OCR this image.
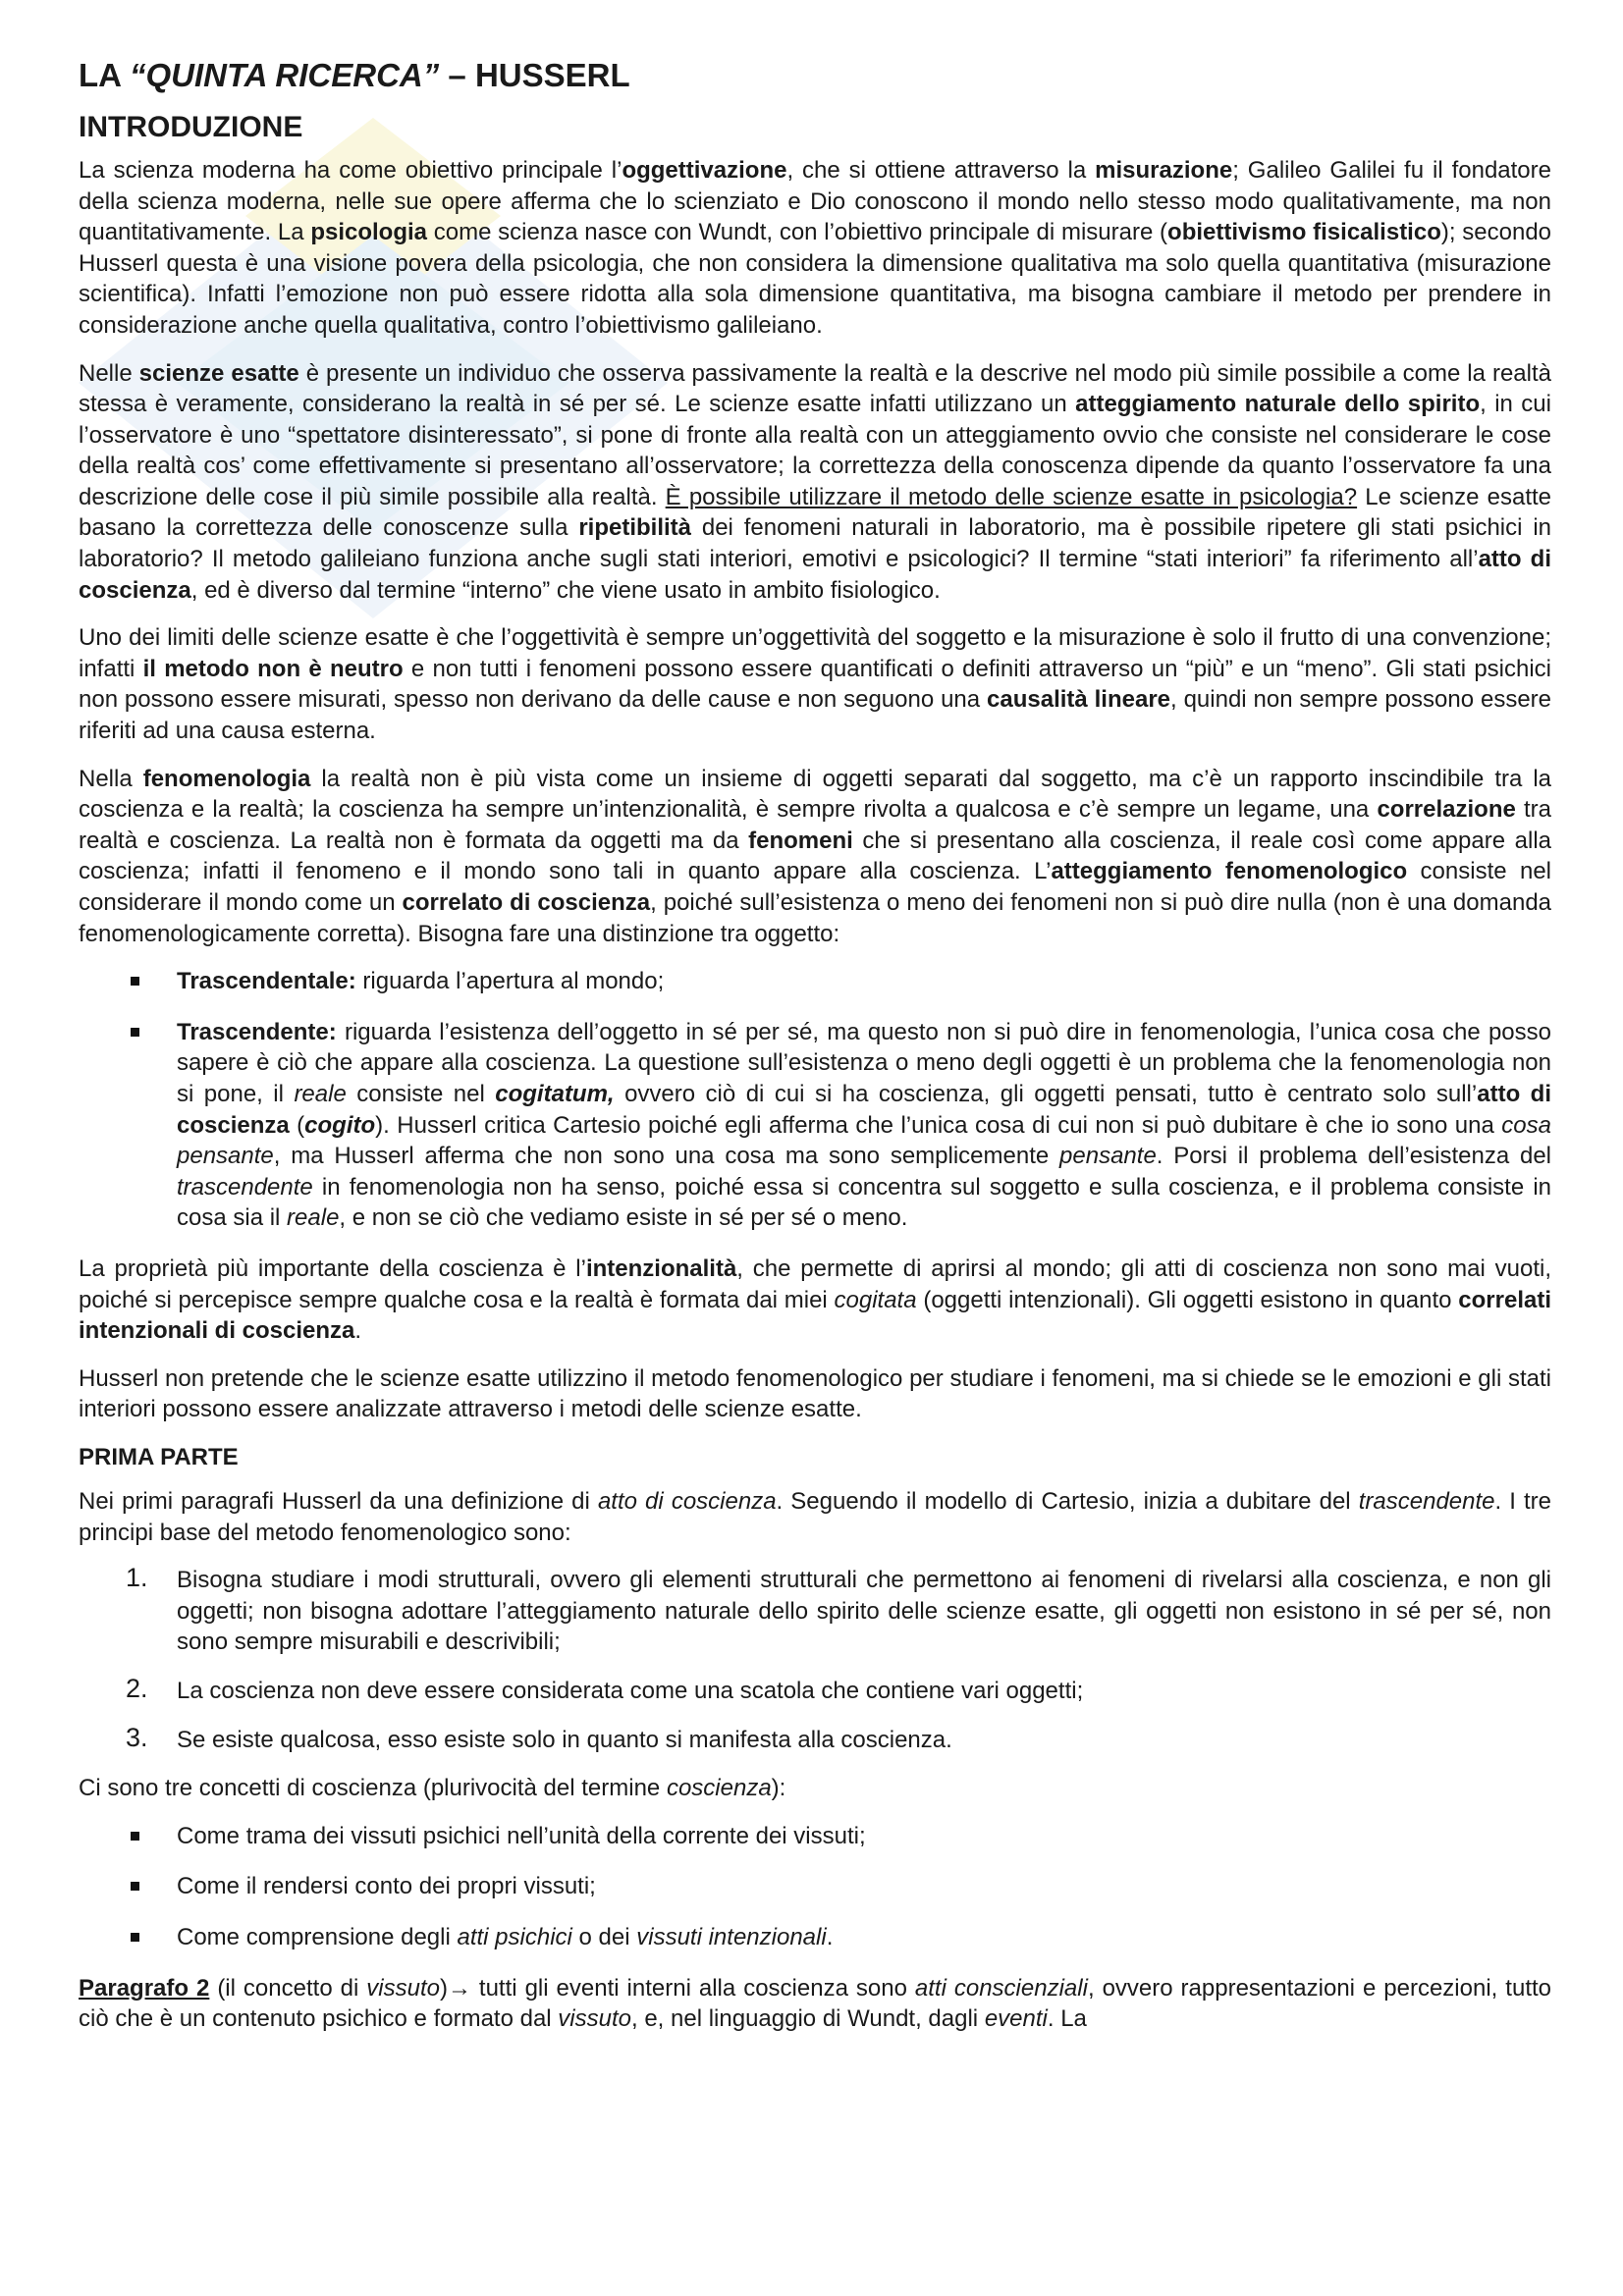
LA “QUINTA RICERCA” – HUSSERL
INTRODUZIONE

La scienza moderna ha come obiettivo principale l’oggettivazione, che si ottiene attraverso la misurazione; Galileo Galilei fu il fondatore della scienza moderna, nelle sue opere afferma che lo scienziato e Dio conoscono il mondo nello stesso modo qualitativamente, ma non quantitativamente. La psicologia come scienza nasce con Wundt, con l’obiettivo principale di misurare (obiettivismo fisicalistico); secondo Husserl questa è una visione povera della psicologia, che non considera la dimensione qualitativa ma solo quella quantitativa (misurazione scientifica). Infatti l’emozione non può essere ridotta alla sola dimensione quantitativa, ma bisogna cambiare il metodo per prendere in considerazione anche quella qualitativa, contro l’obiettivismo galileiano.

Nelle scienze esatte è presente un individuo che osserva passivamente la realtà e la descrive nel modo più simile possibile a come la realtà stessa è veramente, considerano la realtà in sé per sé. Le scienze esatte infatti utilizzano un atteggiamento naturale dello spirito, in cui l’osservatore è uno “spettatore disinteressato”, si pone di fronte alla realtà con un atteggiamento ovvio che consiste nel considerare le cose della realtà cos’ come effettivamente si presentano all’osservatore; la correttezza della conoscenza dipende da quanto l’osservatore fa una descrizione delle cose il più simile possibile alla realtà. È possibile utilizzare il metodo delle scienze esatte in psicologia? Le scienze esatte basano la correttezza delle conoscenze sulla ripetibilità dei fenomeni naturali in laboratorio, ma è possibile ripetere gli stati psichici in laboratorio? Il metodo galileiano funziona anche sugli stati interiori, emotivi e psicologici? Il termine “stati interiori” fa riferimento all’atto di coscienza, ed è diverso dal termine “interno” che viene usato in ambito fisiologico.

Uno dei limiti delle scienze esatte è che l’oggettività è sempre un’oggettività del soggetto e la misurazione è solo il frutto di una convenzione; infatti il metodo non è neutro e non tutti i fenomeni possono essere quantificati o definiti attraverso un “più” e un “meno”. Gli stati psichici non possono essere misurati, spesso non derivano da delle cause e non seguono una causalità lineare, quindi non sempre possono essere riferiti ad una causa esterna.

Nella fenomenologia la realtà non è più vista come un insieme di oggetti separati dal soggetto, ma c’è un rapporto inscindibile tra la coscienza e la realtà; la coscienza ha sempre un’intenzionalità, è sempre rivolta a qualcosa e c’è sempre un legame, una correlazione tra realtà e coscienza. La realtà non è formata da oggetti ma da fenomeni che si presentano alla coscienza, il reale così come appare alla coscienza; infatti il fenomeno e il mondo sono tali in quanto appare alla coscienza. L’atteggiamento fenomenologico consiste nel considerare il mondo come un correlato di coscienza, poiché sull’esistenza o meno dei fenomeni non si può dire nulla (non è una domanda fenomenologicamente corretta). Bisogna fare una distinzione tra oggetto:

Trascendentale: riguarda l’apertura al mondo;
Trascendente: riguarda l’esistenza dell’oggetto in sé per sé, ma questo non si può dire in fenomenologia, l’unica cosa che posso sapere è ciò che appare alla coscienza. La questione sull’esistenza o meno degli oggetti è un problema che la fenomenologia non si pone, il reale consiste nel cogitatum, ovvero ciò di cui si ha coscienza, gli oggetti pensati, tutto è centrato solo sull’atto di coscienza (cogito). Husserl critica Cartesio poiché egli afferma che l’unica cosa di cui non si può dubitare è che io sono una cosa pensante, ma Husserl afferma che non sono una cosa ma sono semplicemente pensante. Porsi il problema dell’esistenza del trascendente in fenomenologia non ha senso, poiché essa si concentra sul soggetto e sulla coscienza, e il problema consiste in cosa sia il reale, e non se ciò che vediamo esiste in sé per sé o meno.

La proprietà più importante della coscienza è l’intenzionalità, che permette di aprirsi al mondo; gli atti di coscienza non sono mai vuoti, poiché si percepisce sempre qualche cosa e la realtà è formata dai miei cogitata (oggetti intenzionali). Gli oggetti esistono in quanto correlati intenzionali di coscienza.

Husserl non pretende che le scienze esatte utilizzino il metodo fenomenologico per studiare i fenomeni, ma si chiede se le emozioni e gli stati interiori possono essere analizzate attraverso i metodi delle scienze esatte.

PRIMA PARTE

Nei primi paragrafi Husserl da una definizione di atto di coscienza. Seguendo il modello di Cartesio, inizia a dubitare del trascendente. I tre principi base del metodo fenomenologico sono:

1. Bisogna studiare i modi strutturali, ovvero gli elementi strutturali che permettono ai fenomeni di rivelarsi alla coscienza, e non gli oggetti; non bisogna adottare l’atteggiamento naturale dello spirito delle scienze esatte, gli oggetti non esistono in sé per sé, non sono sempre misurabili e descrivibili;
2. La coscienza non deve essere considerata come una scatola che contiene vari oggetti;
3. Se esiste qualcosa, esso esiste solo in quanto si manifesta alla coscienza.

Ci sono tre concetti di coscienza (plurivocità del termine coscienza):

Come trama dei vissuti psichici nell’unità della corrente dei vissuti;
Come il rendersi conto dei propri vissuti;
Come comprensione degli atti psichici o dei vissuti intenzionali.

Paragrafo 2 (il concetto di vissuto)→ tutti gli eventi interni alla coscienza sono atti conscienziali, ovvero rappresentazioni e percezioni, tutto ciò che è un contenuto psichico e formato dal vissuto, e, nel linguaggio di Wundt, dagli eventi. La
